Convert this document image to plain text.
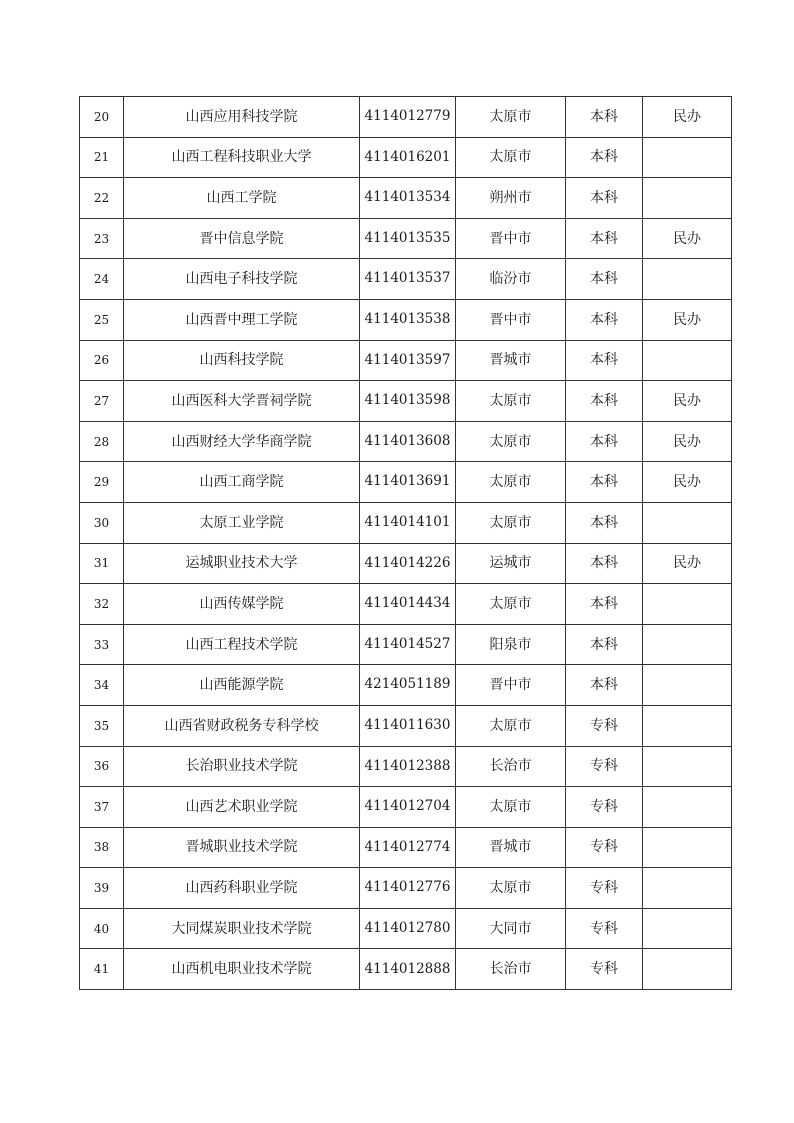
20	山西应用科技学院	4114012779	太原市	本科	民办
21	山西工程科技职业大学	4114016201	太原市	本科	
22	山西工学院	4114013534	朔州市	本科	
23	晋中信息学院	4114013535	晋中市	本科	民办
24	山西电子科技学院	4114013537	临汾市	本科	
25	山西晋中理工学院	4114013538	晋中市	本科	民办
26	山西科技学院	4114013597	晋城市	本科	
27	山西医科大学晋祠学院	4114013598	太原市	本科	民办
28	山西财经大学华商学院	4114013608	太原市	本科	民办
29	山西工商学院	4114013691	太原市	本科	民办
30	太原工业学院	4114014101	太原市	本科	
31	运城职业技术大学	4114014226	运城市	本科	民办
32	山西传媒学院	4114014434	太原市	本科	
33	山西工程技术学院	4114014527	阳泉市	本科	
34	山西能源学院	4214051189	晋中市	本科	
35	山西省财政税务专科学校	4114011630	太原市	专科	
36	长治职业技术学院	4114012388	长治市	专科	
37	山西艺术职业学院	4114012704	太原市	专科	
38	晋城职业技术学院	4114012774	晋城市	专科	
39	山西药科职业学院	4114012776	太原市	专科	
40	大同煤炭职业技术学院	4114012780	大同市	专科	
41	山西机电职业技术学院	4114012888	长治市	专科	
